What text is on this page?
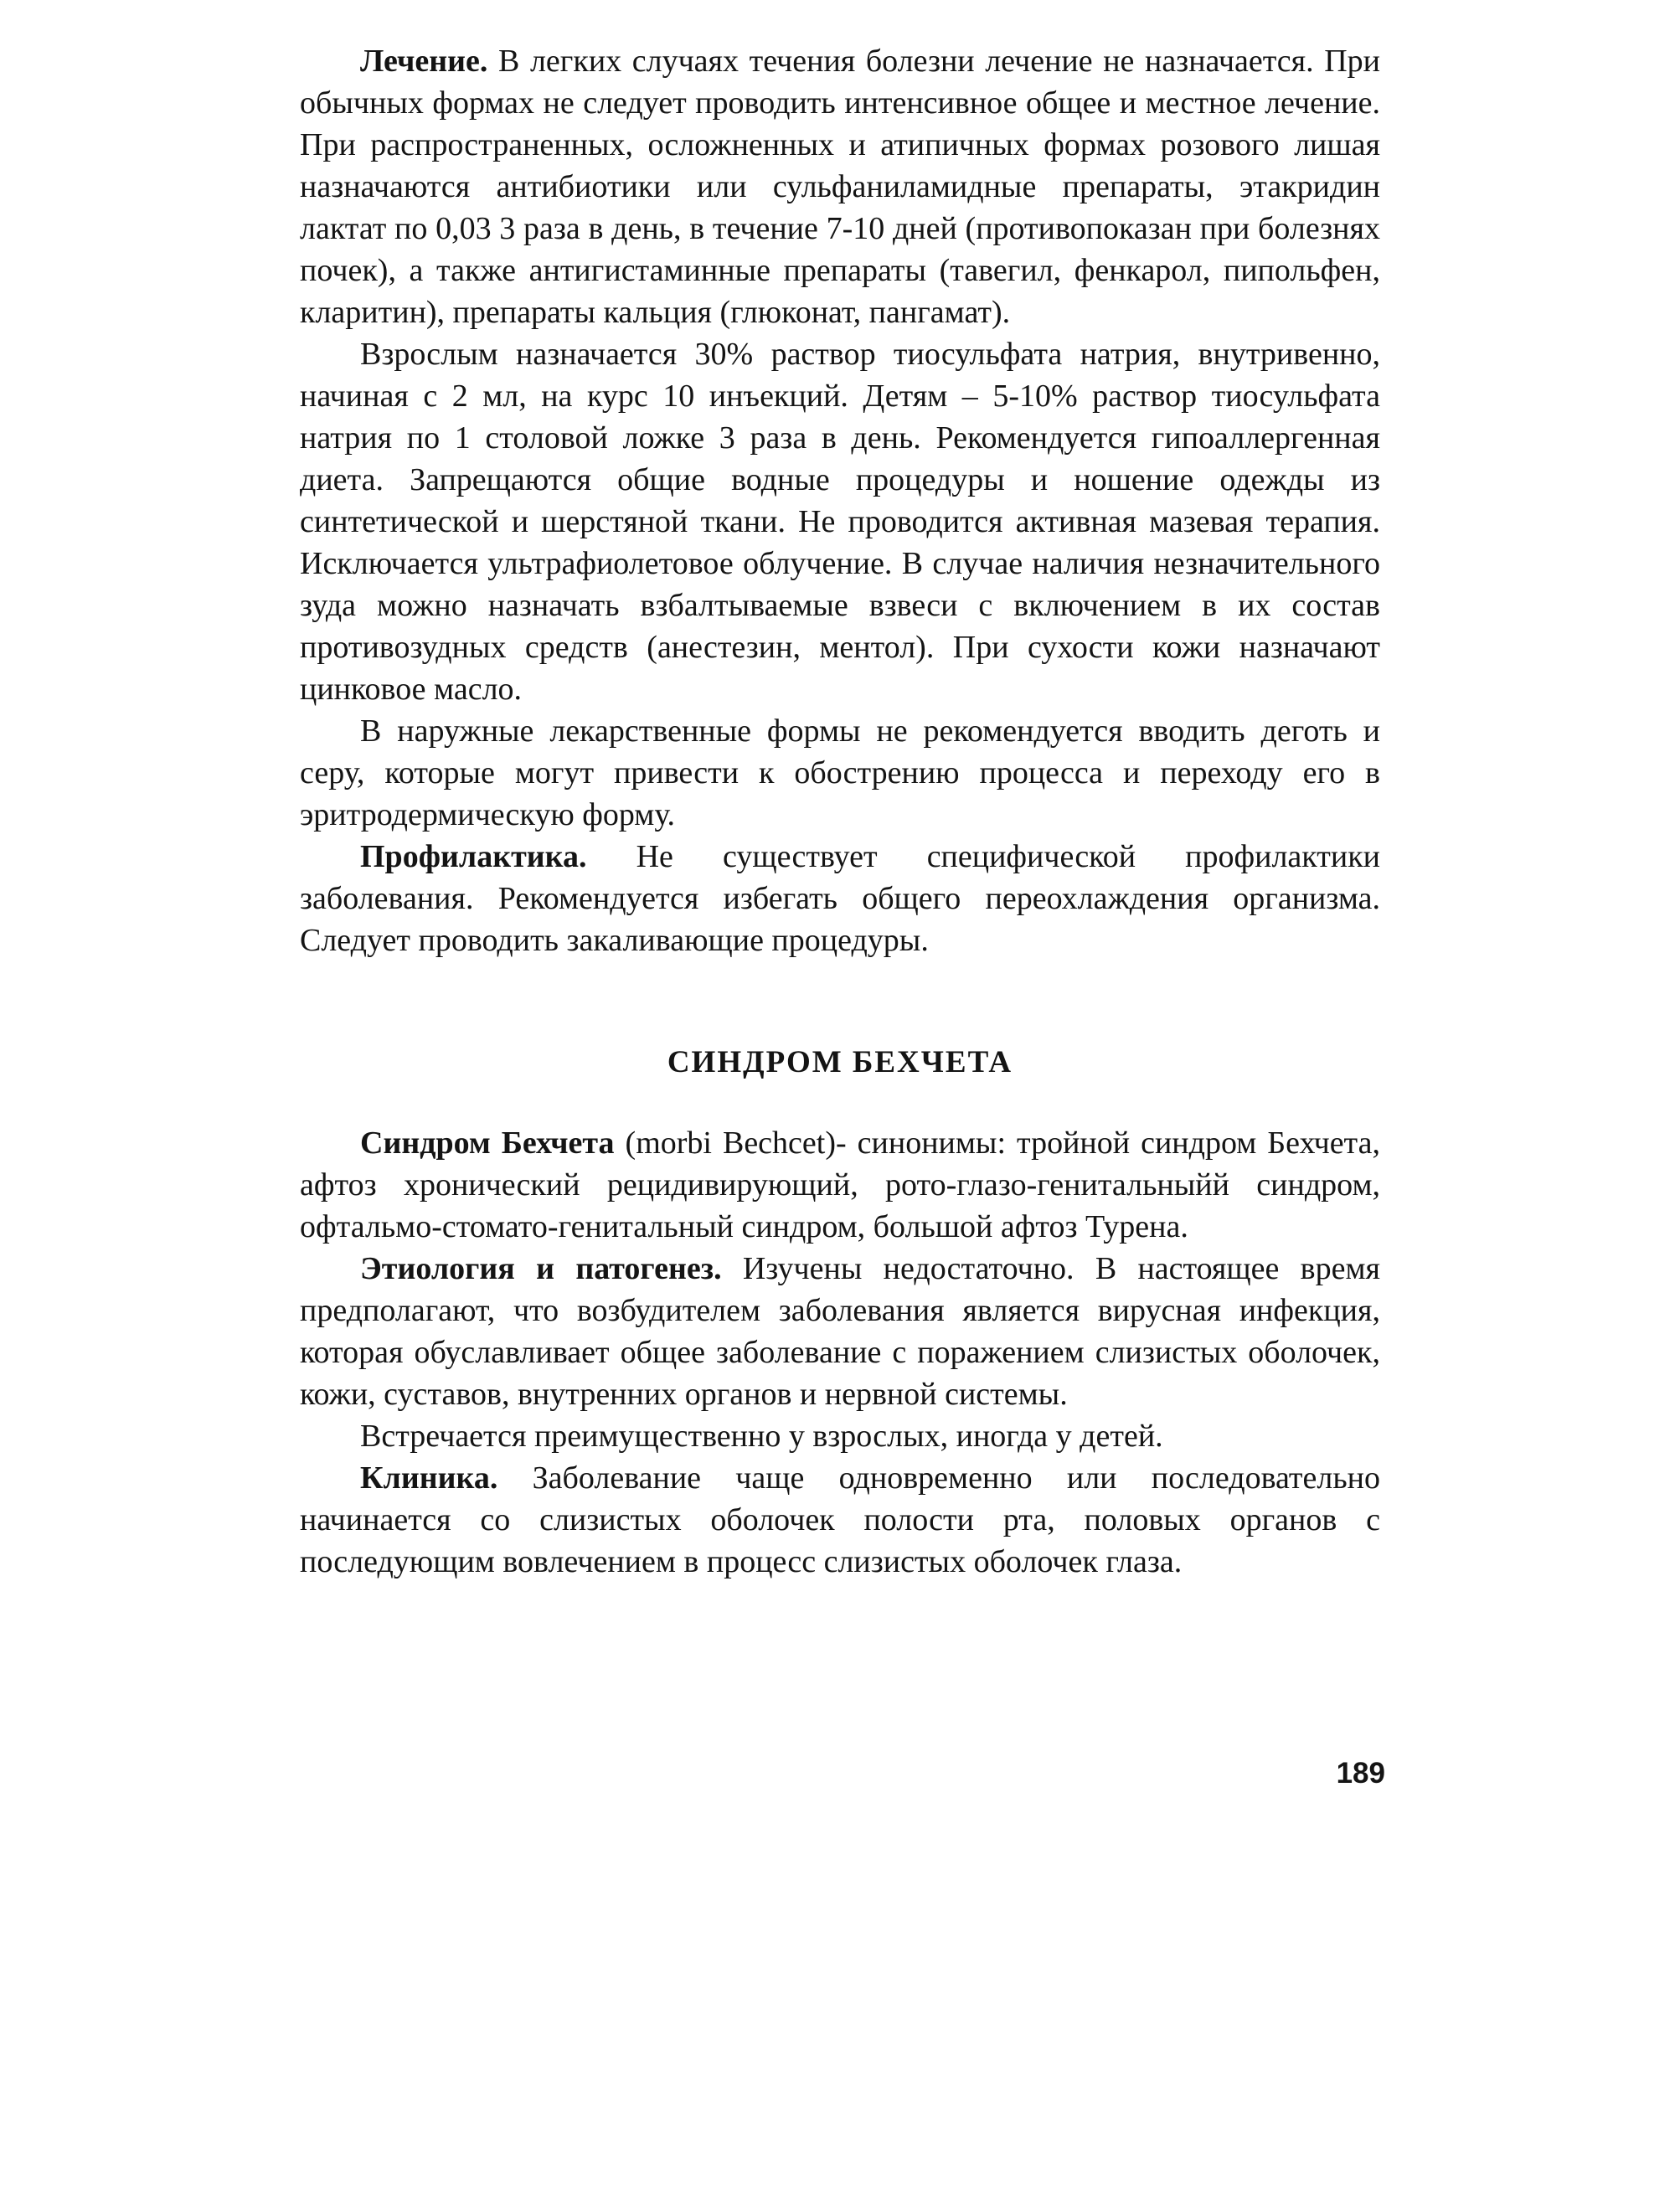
Лечение. В легких случаях течения болезни лечение не назначается. При обычных формах не следует проводить интенсивное общее и местное лечение. При распространенных, осложненных и атипичных формах розового лишая назначаются антибиотики или сульфаниламидные препараты, этакридин лактат по 0,03 3 раза в день, в течение 7-10 дней (противопоказан при болезнях почек), а также антигистаминные препараты (тавегил, фенкарол, пипольфен, кларитин), препараты кальция (глюконат, пангамат).

Взрослым назначается 30% раствор тиосульфата натрия, внутривенно, начиная с 2 мл, на курс 10 инъекций. Детям – 5-10% раствор тиосульфата натрия по 1 столовой ложке 3 раза в день. Рекомендуется гипоаллергенная диета. Запрещаются общие водные процедуры и ношение одежды из синтетической и шерстяной ткани. Не проводится активная мазевая терапия. Исключается ультрафиолетовое облучение. В случае наличия незначительного зуда можно назначать взбалтываемые взвеси с включением в их состав противозудных средств (анестезин, ментол). При сухости кожи назначают цинковое масло.

В наружные лекарственные формы не рекомендуется вводить деготь и серу, которые могут привести к обострению процесса и переходу его в эритродермическую форму.

Профилактика. Не существует специфической профилактики заболевания. Рекомендуется избегать общего переохлаждения организма. Следует проводить закаливающие процедуры.

СИНДРОМ БЕХЧЕТА

Синдром Бехчета (morbi Bechcet)- синонимы: тройной синдром Бехчета, афтоз хронический рецидивирующий, рото-глазо-генитальныйй синдром, офтальмо-стомато-генитальный синдром, большой афтоз Турена.

Этиология и патогенез. Изучены недостаточно. В настоящее время предполагают, что возбудителем заболевания является вирусная инфекция, которая обуславливает общее заболевание с поражением слизистых оболочек, кожи, суставов, внутренних органов и нервной системы.

Встречается преимущественно у взрослых, иногда у детей.

Клиника. Заболевание чаще одновременно или последовательно начинается со слизистых оболочек полости рта, половых органов с последующим вовлечением в процесс слизистых оболочек глаза.

189
